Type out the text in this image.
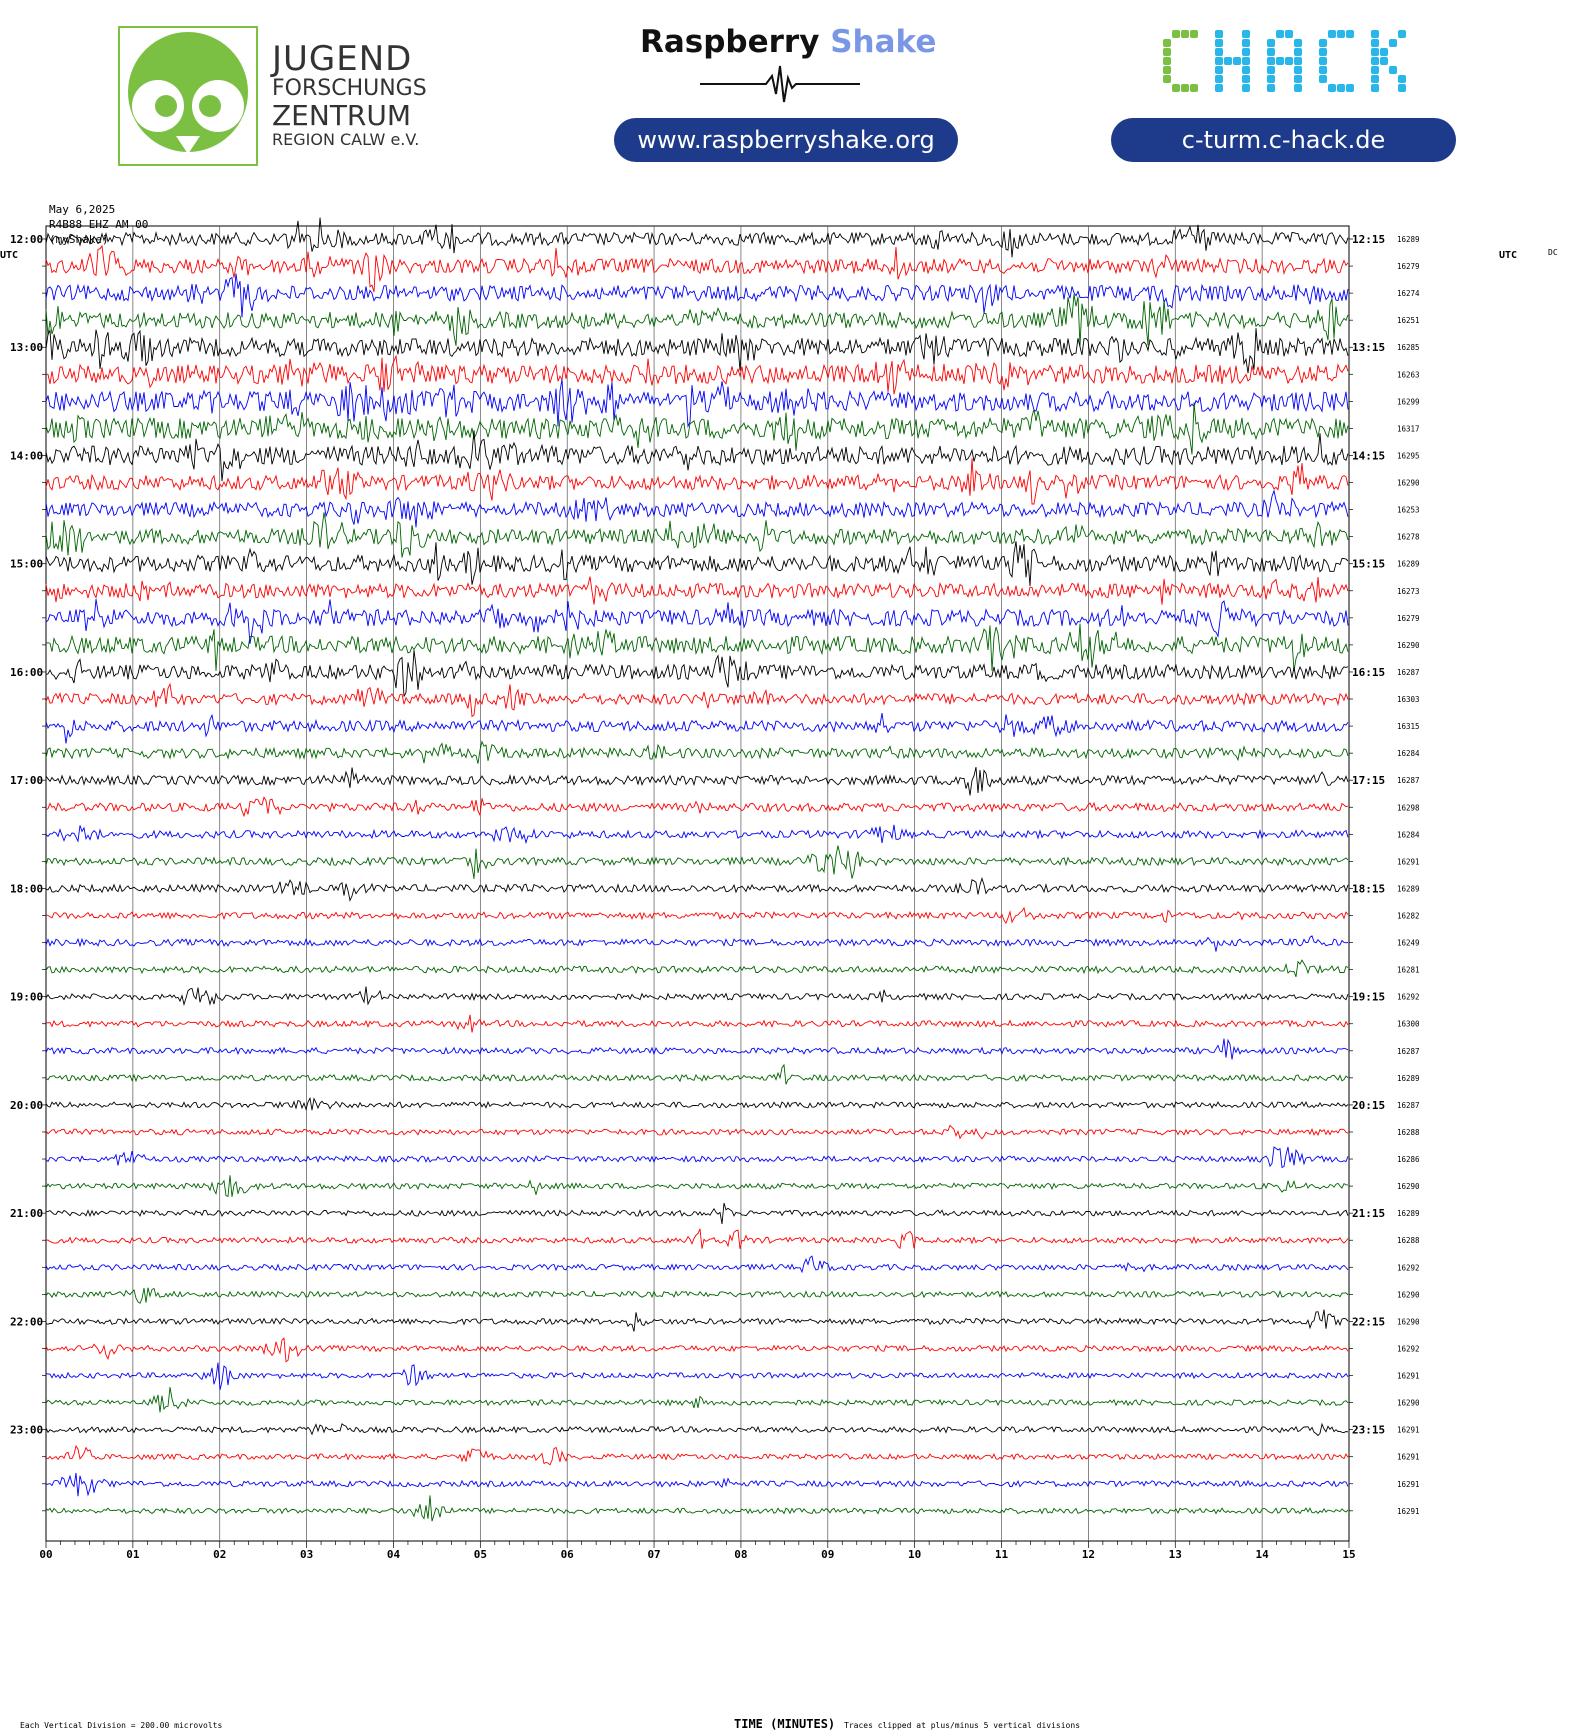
JUGEND
FORSCHUNGS
ZENTRUM
REGION CALW e.V.
Raspberry Shake
www.raspberryshake.org	c-turm.c-hack.de
May 6,2025
R4B88 EHZ AM 00
(myShake)
UTC	UTC	DC
TIME (MINUTES)
Each Vertical Division = 200.00 microvolts	Traces clipped at plus/minus 5 vertical divisions
00	01	02	03	04	05	06	07	08	09	10	11	12	13	14	15
16289
16279
16274
16251
16285
16263
16299
16317
16295
16290
16253
16278
16289
16273
16279
16290
16287
16303
16315
16284
16287
16298
16284
16291
16289
16282
16249
16281
16292
16300
16287
16289
16287
16288
16286
16290
16289
16288
16292
16290
16290
16292
16291
16290
16291
16291
16291
16291
12:00	12:15
13:00	13:15
14:00	14:15
15:00	15:15
16:00	16:15
17:00	17:15
18:00	18:15
19:00	19:15
20:00	20:15
21:00	21:15
22:00	22:15
23:00	23:15
